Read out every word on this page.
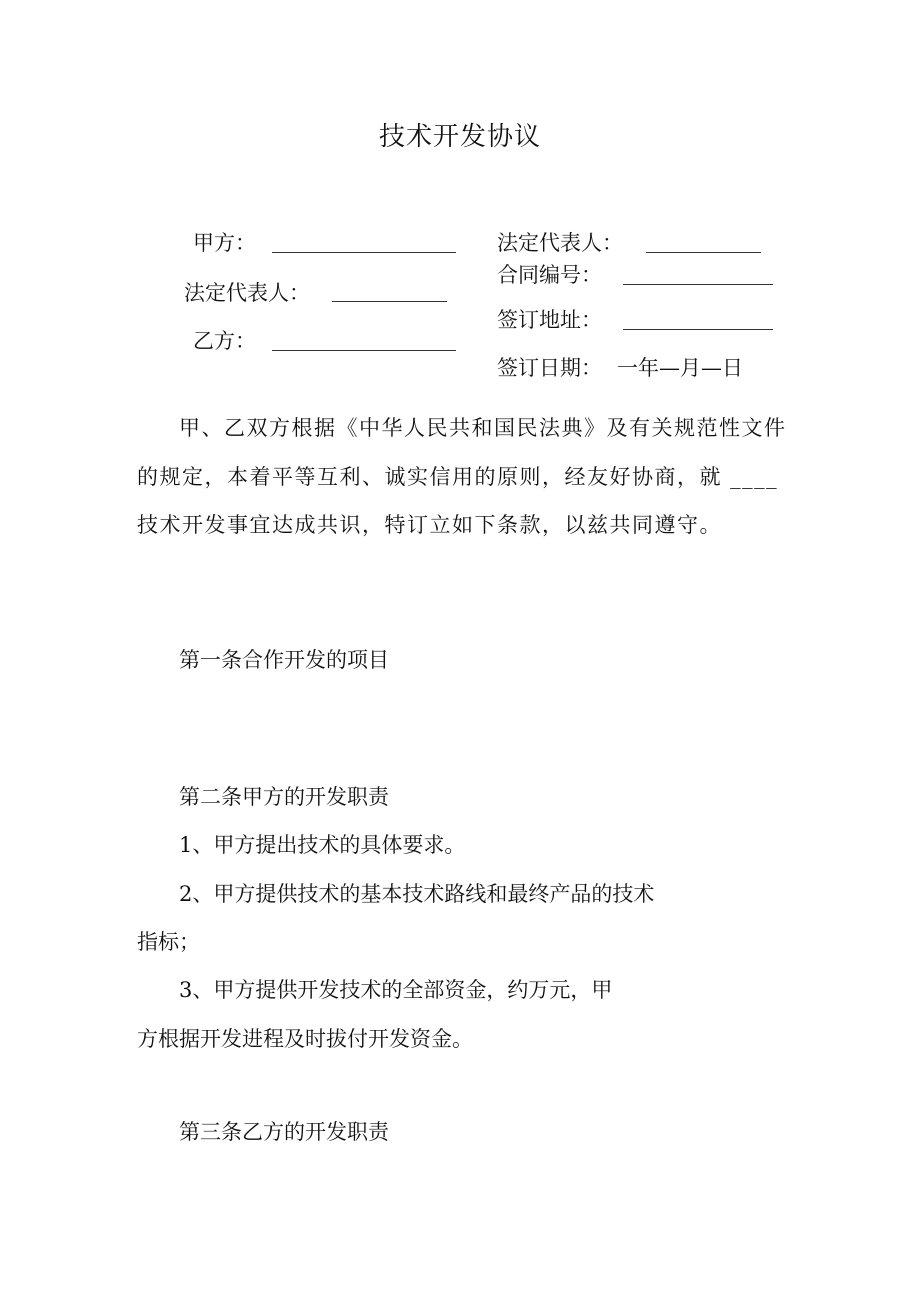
技术开发协议
甲方：
法定代表人：
乙方：
法定代表人：
合同编号：
签订地址：
签订日期： 一年—月—日

甲、乙双方根据《中华人民共和国民法典》及有关规范性文件的规定，本着平等互利、诚实信用的原则，经友好协商，就 ____技术开发事宜达成共识，特订立如下条款，以兹共同遵守。

第一条合作开发的项目
第二条甲方的开发职责
1、甲方提出技术的具体要求。
2、甲方提供技术的基本技术路线和最终产品的技术
指标；
3、甲方提供开发技术的全部资金，约万元，甲
方根据开发进程及时拔付开发资金。
第三条乙方的开发职责
